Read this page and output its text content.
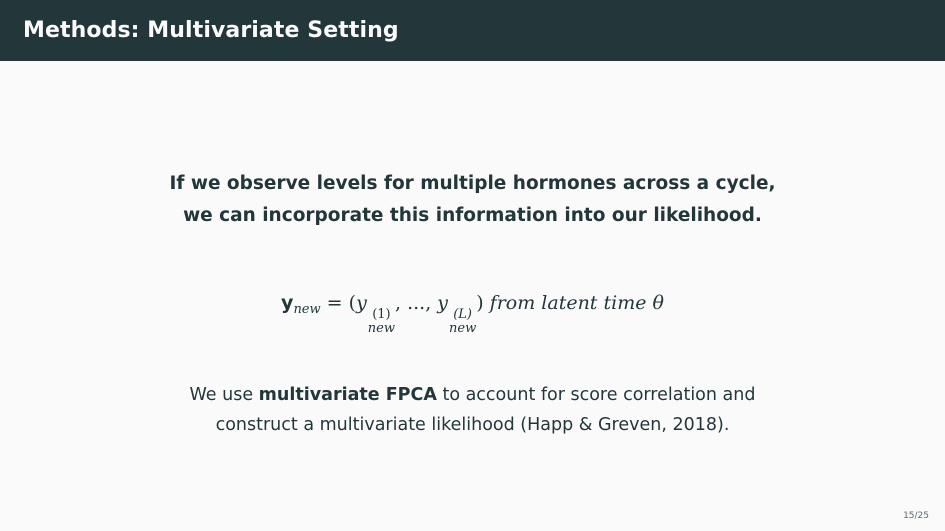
Methods: Multivariate Setting
If we observe levels for multiple hormones across a cycle,
we can incorporate this information into our likelihood.
$y_{new} = (y$
(1)
new
, ..., y
(L)
new
) from latent time θ
We use multivariate FPCA to account for score correlation and
construct a multivariate likelihood (Happ & Greven, 2018).
15/25
